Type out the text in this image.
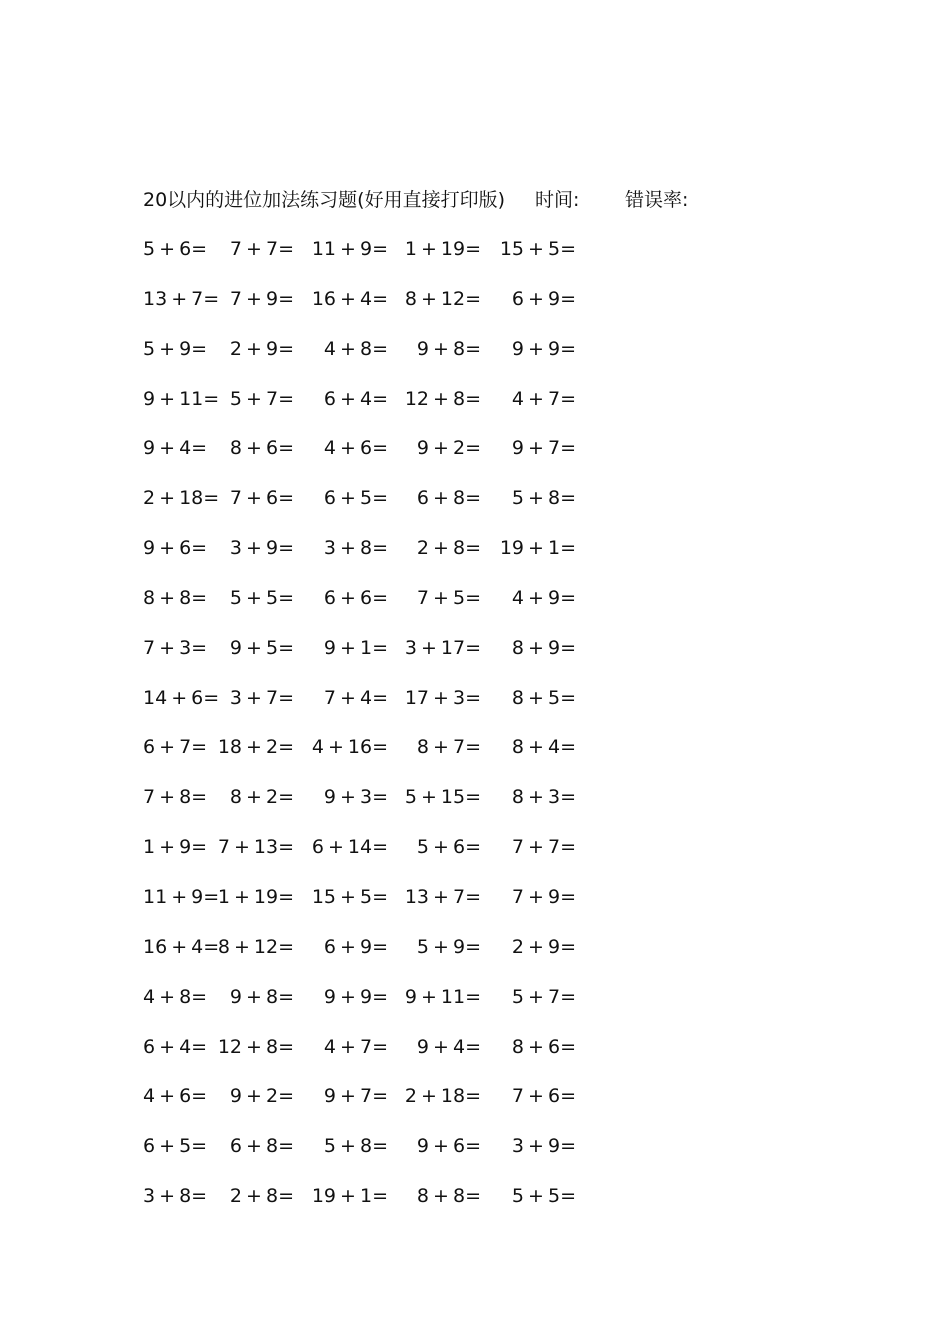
20以内的进位加法练习题(好用直接打印版) 时间: 错误率:
5 + 6= 7 + 7= 11 + 9= 1 + 19= 15 + 5=
13 + 7= 7 + 9= 16 + 4= 8 + 12= 6 + 9=
5 + 9= 2 + 9= 4 + 8= 9 + 8= 9 + 9=
9 + 11= 5 + 7= 6 + 4= 12 + 8= 4 + 7=
9 + 4= 8 + 6= 4 + 6= 9 + 2= 9 + 7=
2 + 18= 7 + 6= 6 + 5= 6 + 8= 5 + 8=
9 + 6= 3 + 9= 3 + 8= 2 + 8= 19 + 1=
8 + 8= 5 + 5= 6 + 6= 7 + 5= 4 + 9=
7 + 3= 9 + 5= 9 + 1= 3 + 17= 8 + 9=
14 + 6= 3 + 7= 7 + 4= 17 + 3= 8 + 5=
6 + 7= 18 + 2= 4 + 16= 8 + 7= 8 + 4=
7 + 8= 8 + 2= 9 + 3= 5 + 15= 8 + 3=
1 + 9= 7 + 13= 6 + 14= 5 + 6= 7 + 7=
11 + 9=
1 + 19= 15 + 5= 13 + 7= 7 + 9=
16 + 4=
8 + 12= 6 + 9= 5 + 9= 2 + 9=
4 + 8= 9 + 8= 9 + 9= 9 + 11= 5 + 7=
6 + 4= 12 + 8= 4 + 7= 9 + 4= 8 + 6=
4 + 6= 9 + 2= 9 + 7= 2 + 18= 7 + 6=
6 + 5= 6 + 8= 5 + 8= 9 + 6= 3 + 9=
3 + 8= 2 + 8= 19 + 1= 8 + 8= 5 + 5=
